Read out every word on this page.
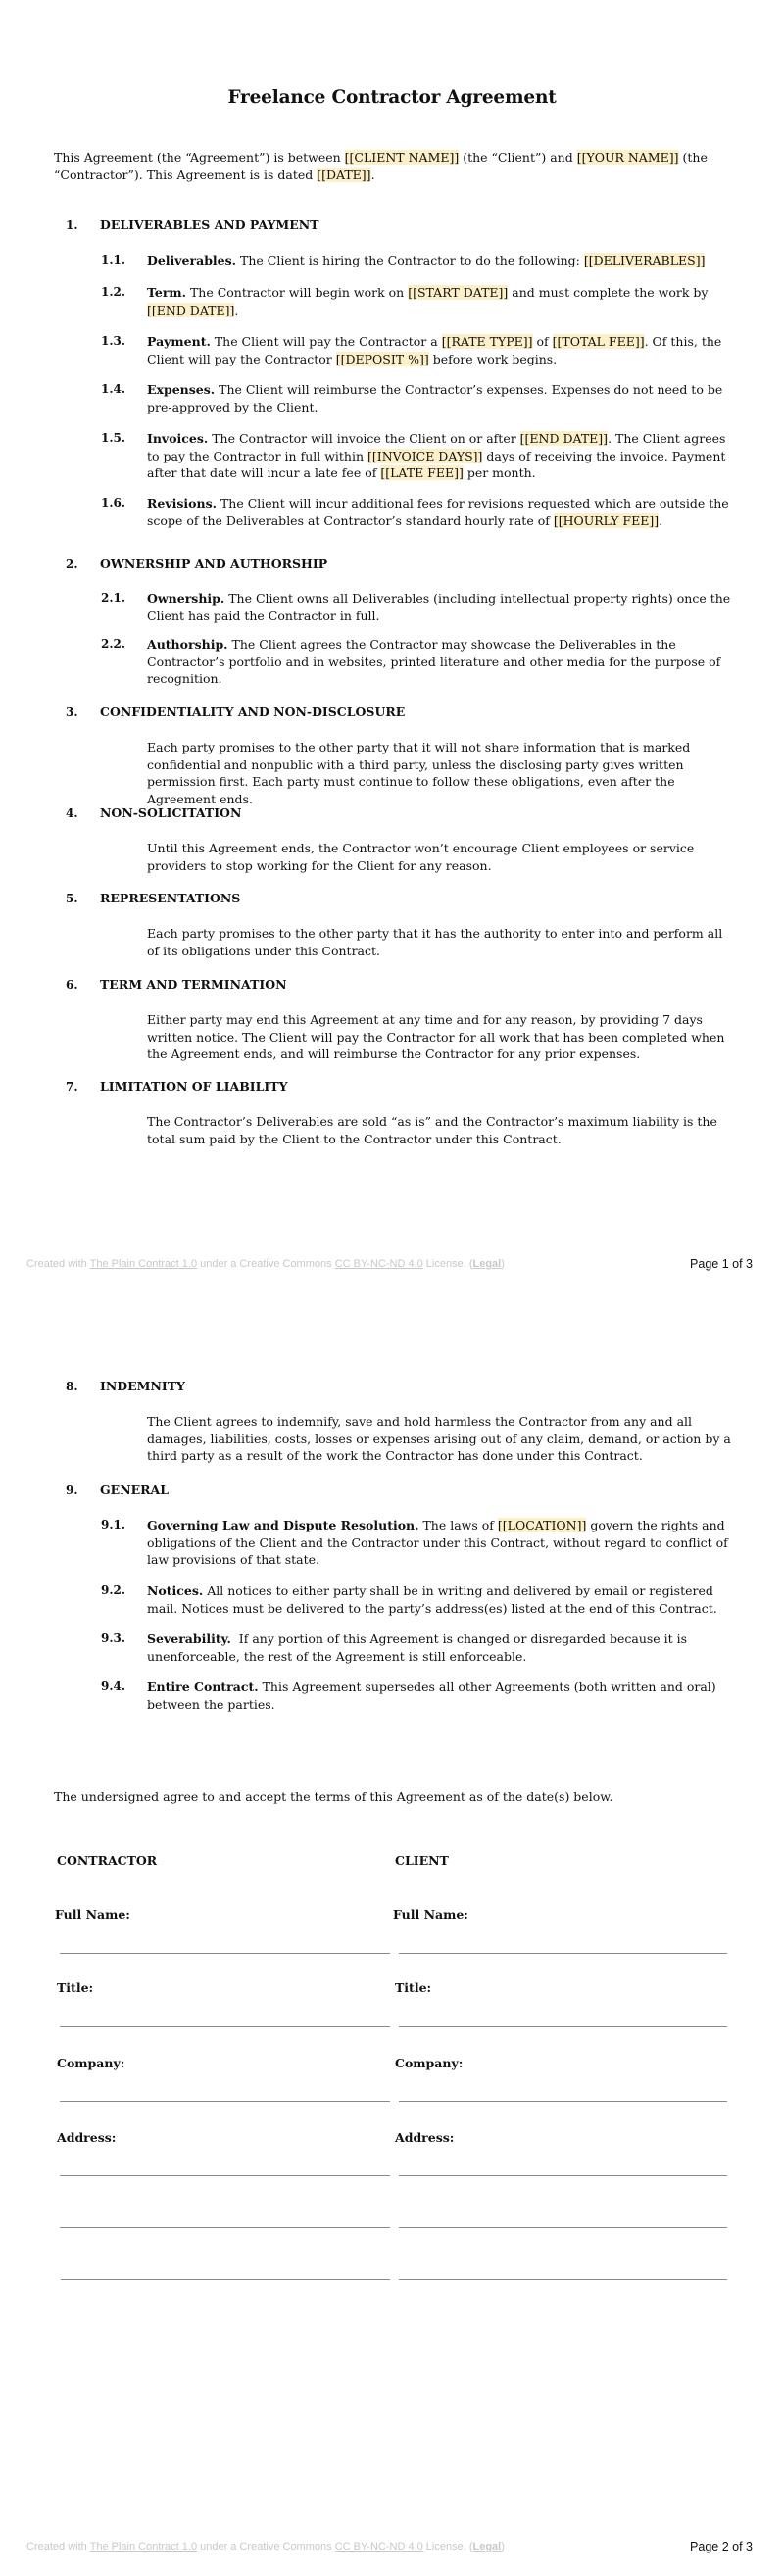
Freelance Contractor Agreement
This Agreement (the “Agreement”) is between [[CLIENT NAME]] (the “Client”) and [[YOUR NAME]] (the “Contractor”). This Agreement is is dated [[DATE]].
1. DELIVERABLES AND PAYMENT
1.1. Deliverables. The Client is hiring the Contractor to do the following: [[DELIVERABLES]]
1.2. Term. The Contractor will begin work on [[START DATE]] and must complete the work by [[END DATE]].
1.3. Payment. The Client will pay the Contractor a [[RATE TYPE]] of [[TOTAL FEE]]. Of this, the Client will pay the Contractor [[DEPOSIT %]] before work begins.
1.4. Expenses. The Client will reimburse the Contractor’s expenses. Expenses do not need to be pre-approved by the Client.
1.5. Invoices. The Contractor will invoice the Client on or after [[END DATE]]. The Client agrees to pay the Contractor in full within [[INVOICE DAYS]] days of receiving the invoice. Payment after that date will incur a late fee of [[LATE FEE]] per month.
1.6. Revisions. The Client will incur additional fees for revisions requested which are outside the scope of the Deliverables at Contractor’s standard hourly rate of [[HOURLY FEE]].
2. OWNERSHIP AND AUTHORSHIP
2.1. Ownership. The Client owns all Deliverables (including intellectual property rights) once the Client has paid the Contractor in full.
2.2. Authorship. The Client agrees the Contractor may showcase the Deliverables in the Contractor’s portfolio and in websites, printed literature and other media for the purpose of recognition.
3. CONFIDENTIALITY AND NON-DISCLOSURE
Each party promises to the other party that it will not share information that is marked confidential and nonpublic with a third party, unless the disclosing party gives written permission first. Each party must continue to follow these obligations, even after the Agreement ends.
4. NON-SOLICITATION
Until this Agreement ends, the Contractor won’t encourage Client employees or service providers to stop working for the Client for any reason.
5. REPRESENTATIONS
Each party promises to the other party that it has the authority to enter into and perform all of its obligations under this Contract.
6. TERM AND TERMINATION
Either party may end this Agreement at any time and for any reason, by providing 7 days written notice. The Client will pay the Contractor for all work that has been completed when the Agreement ends, and will reimburse the Contractor for any prior expenses.
7. LIMITATION OF LIABILITY
The Contractor’s Deliverables are sold “as is” and the Contractor’s maximum liability is the total sum paid by the Client to the Contractor under this Contract.
Created with The Plain Contract 1.0 under a Creative Commons CC BY-NC-ND 4.0 License. (Legal)	Page 1 of 3
8. INDEMNITY
The Client agrees to indemnify, save and hold harmless the Contractor from any and all damages, liabilities, costs, losses or expenses arising out of any claim, demand, or action by a third party as a result of the work the Contractor has done under this Contract.
9. GENERAL
9.1. Governing Law and Dispute Resolution. The laws of [[LOCATION]] govern the rights and obligations of the Client and the Contractor under this Contract, without regard to conflict of law provisions of that state.
9.2. Notices. All notices to either party shall be in writing and delivered by email or registered mail. Notices must be delivered to the party’s address(es) listed at the end of this Contract.
9.3. Severability.  If any portion of this Agreement is changed or disregarded because it is unenforceable, the rest of the Agreement is still enforceable.
9.4. Entire Contract. This Agreement supersedes all other Agreements (both written and oral) between the parties.
The undersigned agree to and accept the terms of this Agreement as of the date(s) below.
CONTRACTOR	CLIENT
Full Name:	Full Name:
Title:	Title:
Company:	Company:
Address:	Address:
Created with The Plain Contract 1.0 under a Creative Commons CC BY-NC-ND 4.0 License. (Legal)	Page 2 of 3
